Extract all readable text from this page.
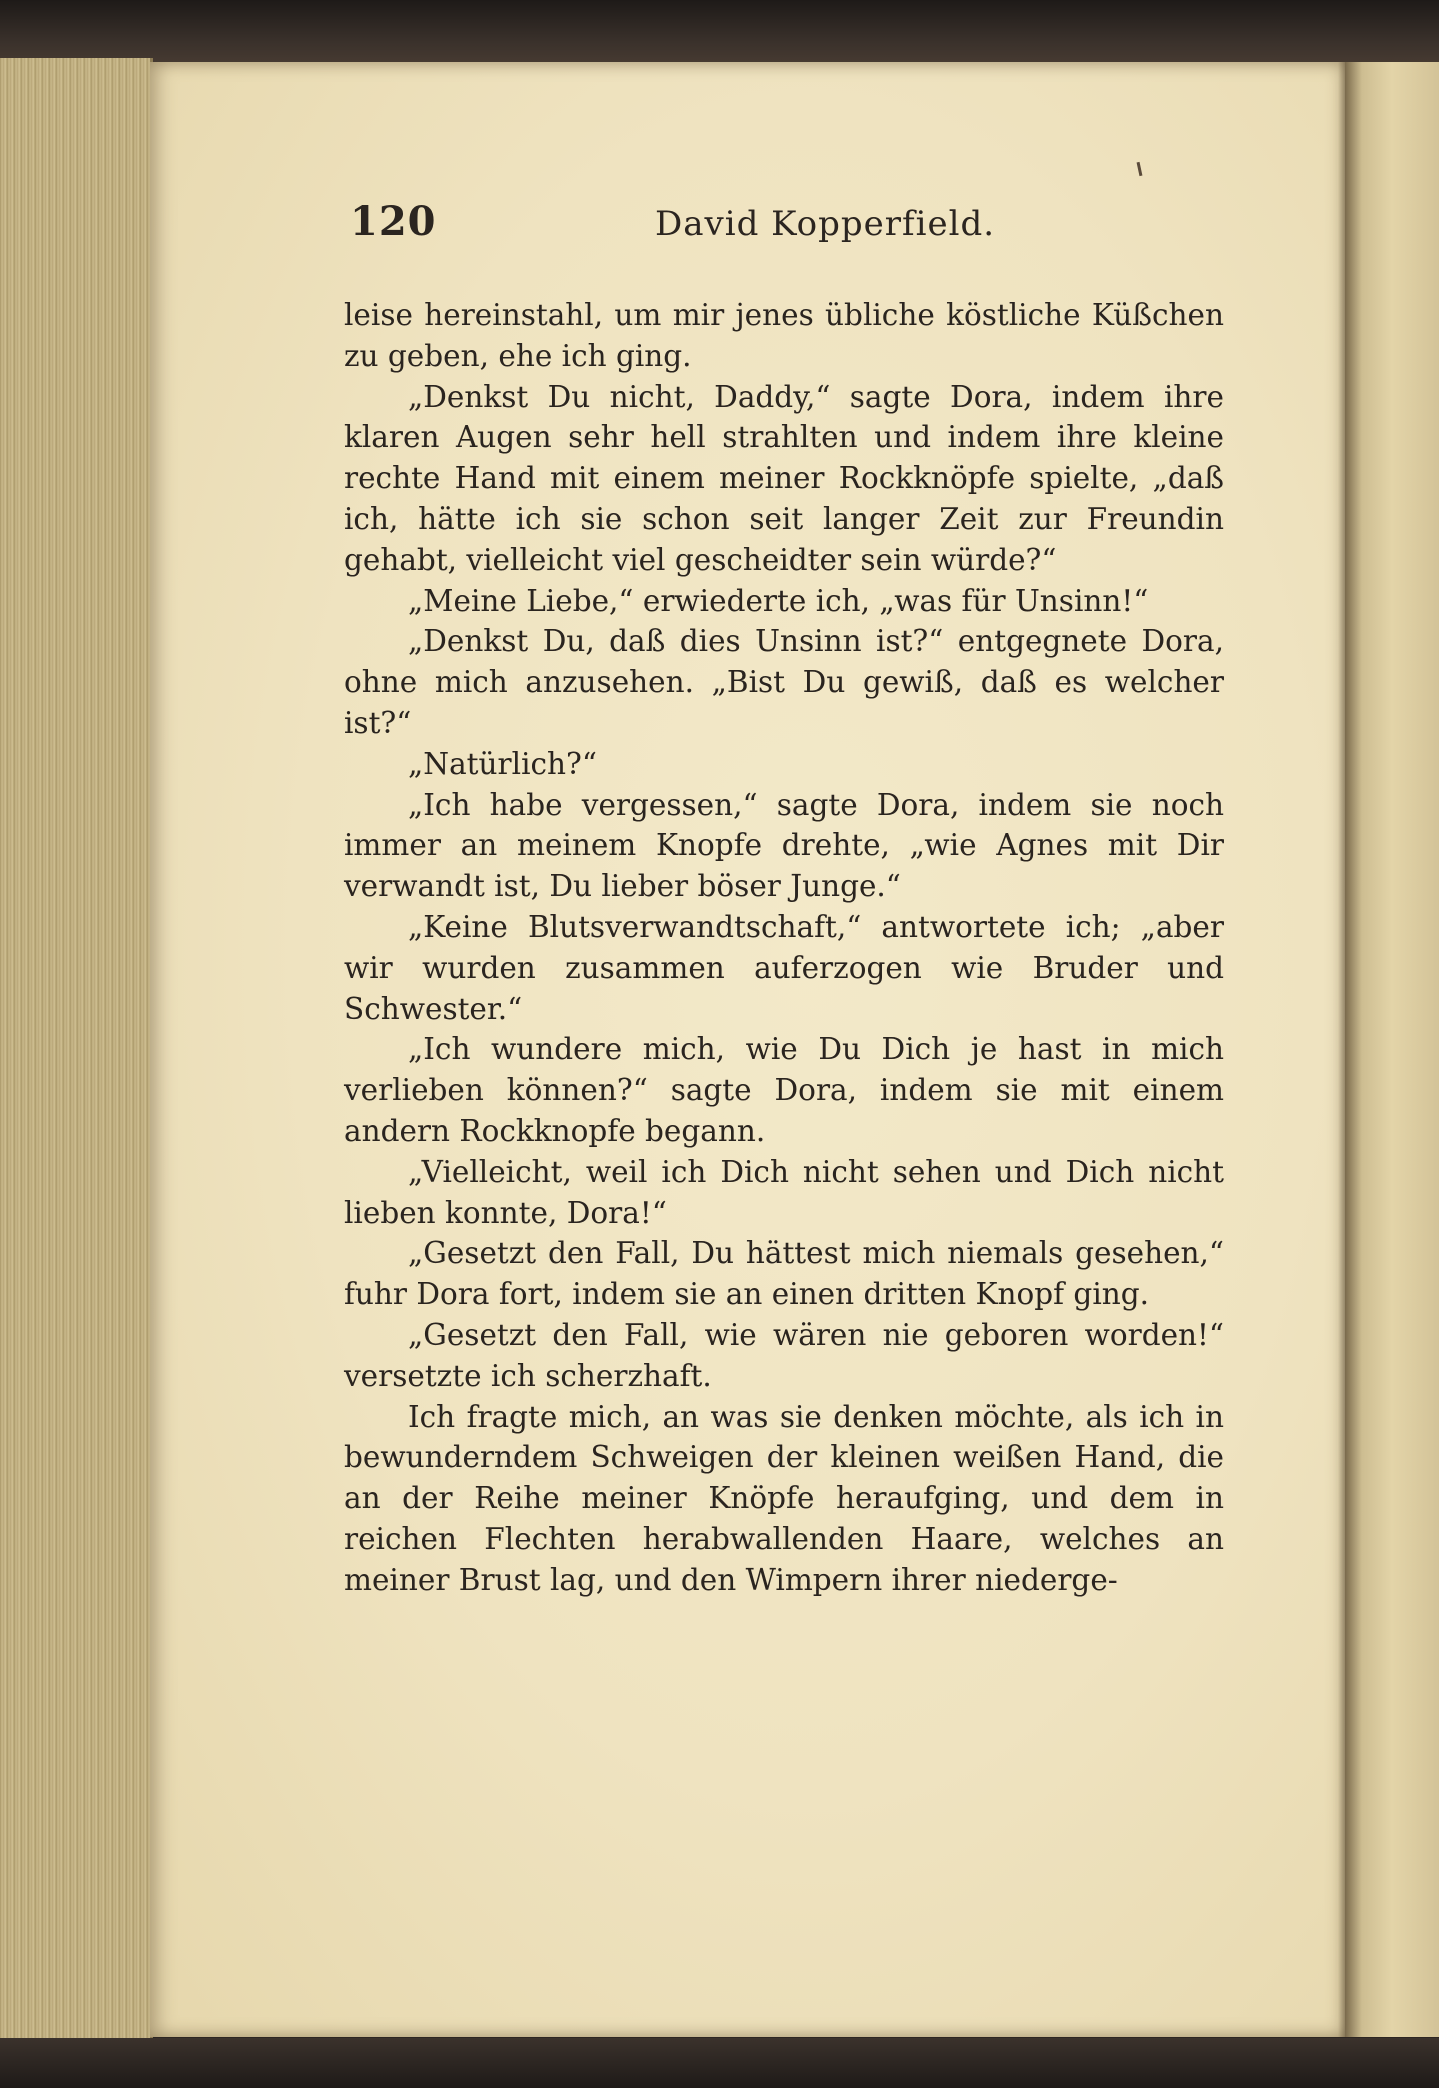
120	David Kopperfield.

leise hereinstahl, um mir jenes übliche köstliche Küßchen zu geben, ehe ich ging.

„Denkst Du nicht, Daddy,“ sagte Dora, indem ihre klaren Augen sehr hell strahlten und indem ihre kleine rechte Hand mit einem meiner Rockknöpfe spielte, „daß ich, hätte ich sie schon seit langer Zeit zur Freundin gehabt, vielleicht viel gescheidter sein würde?“

„Meine Liebe,“ erwiederte ich, „was für Unsinn!“

„Denkst Du, daß dies Unsinn ist?“ entgegnete Dora, ohne mich anzusehen. „Bist Du gewiß, daß es welcher ist?“

„Natürlich?“

„Ich habe vergessen,“ sagte Dora, indem sie noch immer an meinem Knopfe drehte, „wie Agnes mit Dir verwandt ist, Du lieber böser Junge.“

„Keine Blutsverwandtschaft,“ antwortete ich; „aber wir wurden zusammen auferzogen wie Bruder und Schwester.“

„Ich wundere mich, wie Du Dich je hast in mich verlieben können?“ sagte Dora, indem sie mit einem andern Rockknopfe begann.

„Vielleicht, weil ich Dich nicht sehen und Dich nicht lieben konnte, Dora!“

„Gesetzt den Fall, Du hättest mich niemals gesehen,“ fuhr Dora fort, indem sie an einen dritten Knopf ging.

„Gesetzt den Fall, wie wären nie geboren worden!“ versetzte ich scherzhaft.

Ich fragte mich, an was sie denken möchte, als ich in bewunderndem Schweigen der kleinen weißen Hand, die an der Reihe meiner Knöpfe heraufging, und dem in reichen Flechten herabwallenden Haare, welches an meiner Brust lag, und den Wimpern ihrer niederge-
